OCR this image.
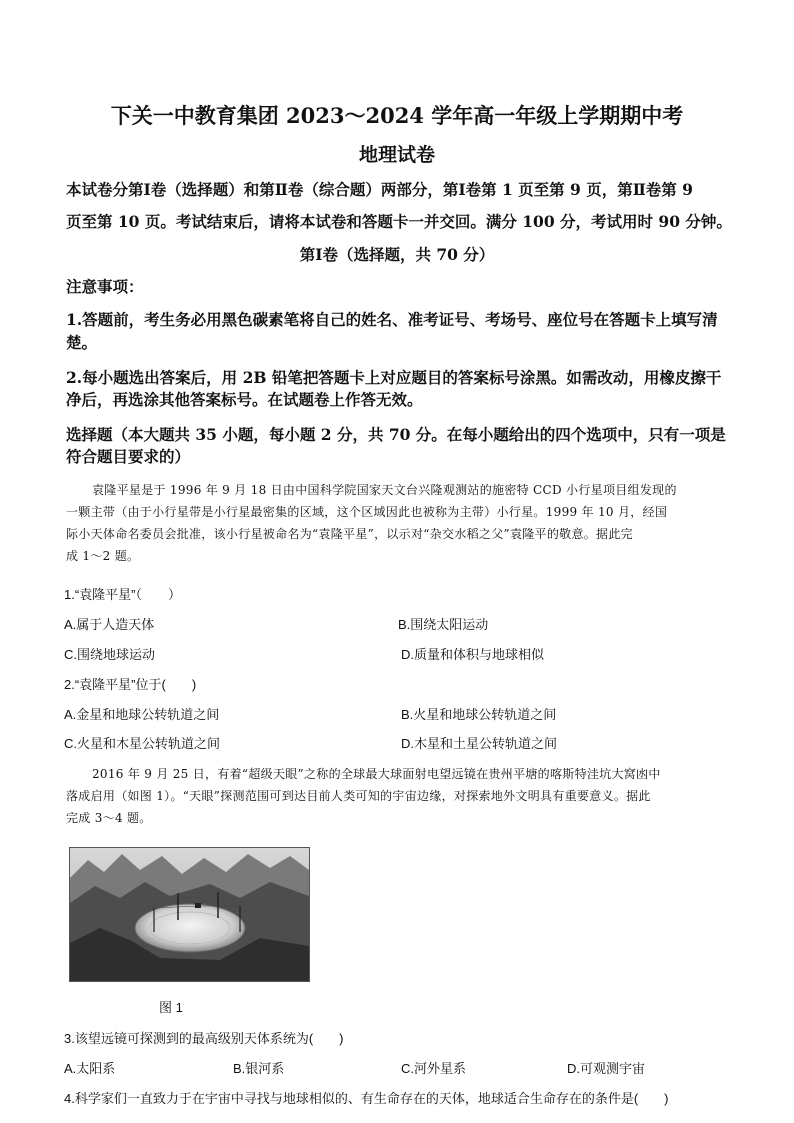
下关一中教育集团 2023～2024 学年高一年级上学期期中考
地理试卷
本试卷分第Ⅰ卷（选择题）和第Ⅱ卷（综合题）两部分，第Ⅰ卷第 1 页至第 9 页，第Ⅱ卷第 9
页至第 10 页。考试结束后，请将本试卷和答题卡一并交回。满分 100 分，考试用时 90 分钟。
第Ⅰ卷（选择题，共 70 分）
注意事项：
1.答题前，考生务必用黑色碳素笔将自己的姓名、准考证号、考场号、座位号在答题卡上填写清
楚。
2.每小题选出答案后，用 2B 铅笔把答题卡上对应题目的答案标号涂黑。如需改动，用橡皮擦干
净后，再选涂其他答案标号。在试题卷上作答无效。
选择题（本大题共 35 小题，每小题 2 分，共 70 分。在每小题给出的四个选项中，只有一项是
符合题目要求的）
袁隆平星是于 1996 年 9 月 18 日由中国科学院国家天文台兴隆观测站的施密特 CCD 小行星项目组发现的
一颗主带（由于小行星带是小行星最密集的区域，这个区域因此也被称为主带）小行星。1999 年 10 月，经国
际小天体命名委员会批准，该小行星被命名为“袁隆平星”，以示对“杂交水稻之父”袁隆平的敬意。据此完
成 1～2 题。
1.“袁隆平星”（　　）
A.属于人造天体	B.围绕太阳运动
C.围绕地球运动	D.质量和体积与地球相似
2.“袁隆平星”位于(　　)
A.金星和地球公转轨道之间	B.火星和地球公转轨道之间
C.火星和木星公转轨道之间	D.木星和土星公转轨道之间
2016 年 9 月 25 日，有着“超级天眼”之称的全球最大球面射电望远镜在贵州平塘的喀斯特洼坑大窝凼中
落成启用（如图 1）。“天眼”探测范围可到达目前人类可知的宇宙边缘，对探索地外文明具有重要意义。据此
完成 3～4 题。
图 1
3.该望远镜可探测到的最高级别天体系统为(　　)
A.太阳系	B.银河系	C.河外星系	D.可观测宇宙
4.科学家们一直致力于在宇宙中寻找与地球相似的、有生命存在的天体，地球适合生命存在的条件是(　　)
